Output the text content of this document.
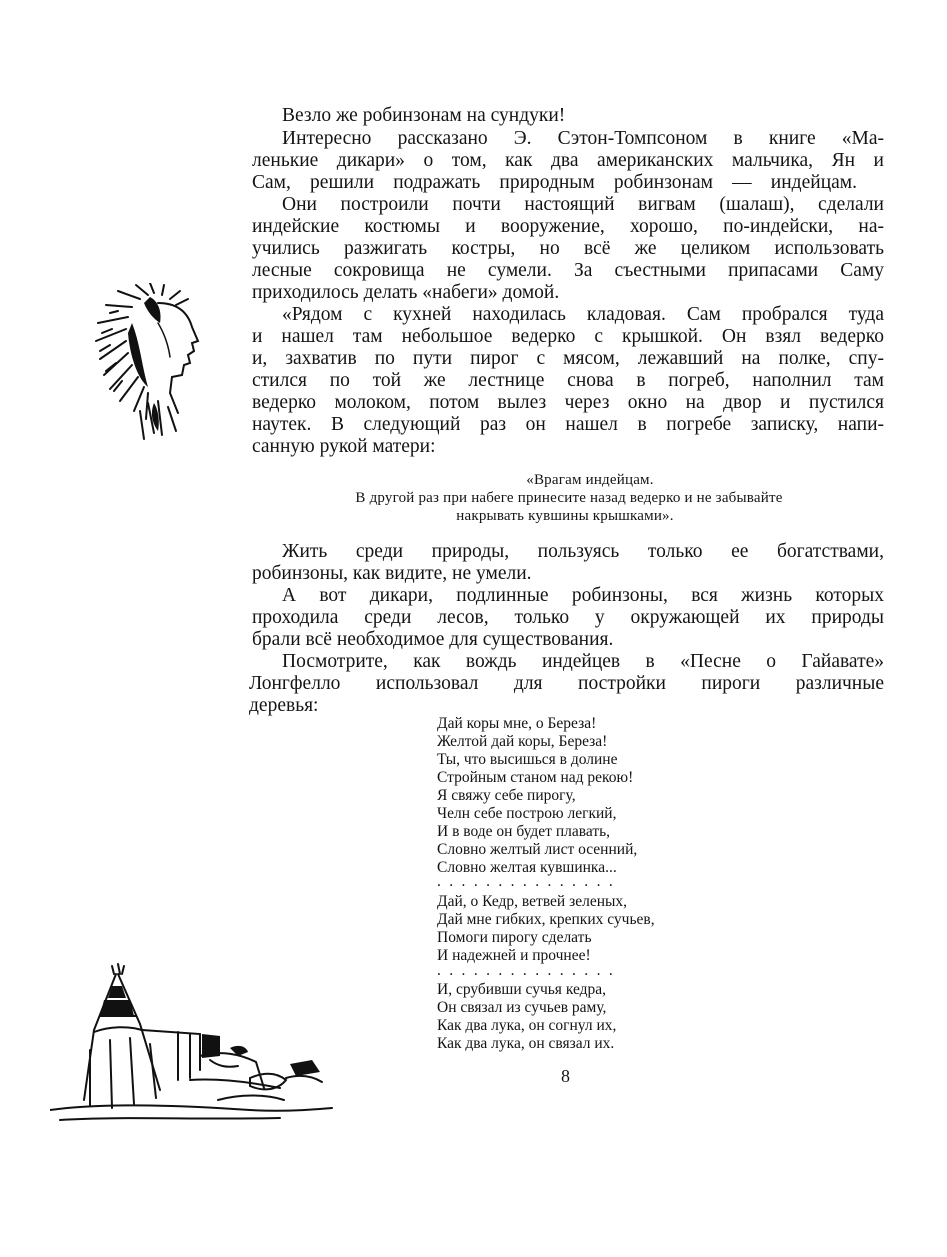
Везло же робинзонам на сундуки!
Интересно рассказано Э. Сэтон-Томпсоном в книге «Ма-
ленькие дикари» о том, как два американских мальчика, Ян и
Сам, решили подражать природным робинзонам — индейцам.
Они построили почти настоящий вигвам (шалаш), сделали
индейские костюмы и вооружение, хорошо, по-индейски, на-
учились разжигать костры, но всё же целиком использовать
лесные сокровища не сумели. За съестными припасами Саму
приходилось делать «набеги» домой.
«Рядом с кухней находилась кладовая. Сам пробрался туда
и нашел там небольшое ведерко с крышкой. Он взял ведерко
и, захватив по пути пирог с мясом, лежавший на полке, спу-
стился по той же лестнице снова в погреб, наполнил там
ведерко молоком, потом вылез через окно на двор и пустился
наутек. В следующий раз он нашел в погребе записку, напи-
санную рукой матери:
«Врагам индейцам.
В другой раз при набеге принесите назад ведерко и не забывайте
накрывать кувшины крышками».
Жить среди природы, пользуясь только ее богатствами,
робинзоны, как видите, не умели.
А вот дикари, подлинные робинзоны, вся жизнь которых
проходила среди лесов, только у окружающей их природы
брали всё необходимое для существования.
Посмотрите, как вождь индейцев в «Песне о Гайавате»
Лонгфелло использовал для постройки пироги различные
деревья:
Дай коры мне, о Береза!
Желтой дай коры, Береза!
Ты, что высишься в долине
Стройным станом над рекою!
Я свяжу себе пирогу,
Челн себе построю легкий,
И в воде он будет плавать,
Словно желтый лист осенний,
Словно желтая кувшинка...
...............
Дай, о Кедр, ветвей зеленых,
Дай мне гибких, крепких сучьев,
Помоги пирогу сделать
И надежней и прочнее!
...............
И, срубивши сучья кедра,
Он связал из сучьев раму,
Как два лука, он согнул их,
Как два лука, он связал их.
8
